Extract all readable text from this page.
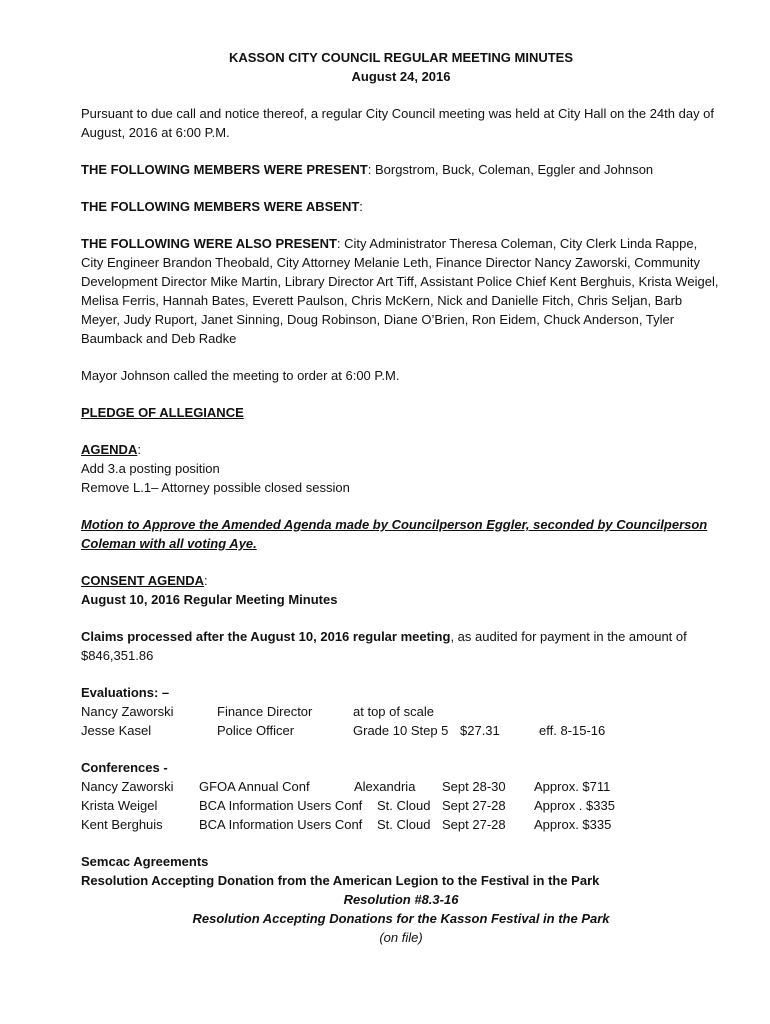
KASSON CITY COUNCIL REGULAR MEETING MINUTES

August 24, 2016

Pursuant to due call and notice thereof, a regular City Council meeting was held at City Hall on the 24th day of August, 2016 at 6:00 P.M.

THE FOLLOWING MEMBERS WERE PRESENT: Borgstrom, Buck, Coleman, Eggler and Johnson

THE FOLLOWING MEMBERS WERE ABSENT:

THE FOLLOWING WERE ALSO PRESENT: City Administrator Theresa Coleman, City Clerk Linda Rappe, City Engineer Brandon Theobald, City Attorney Melanie Leth, Finance Director Nancy Zaworski, Community Development Director Mike Martin, Library Director Art Tiff, Assistant Police Chief Kent Berghuis, Krista Weigel, Melisa Ferris, Hannah Bates, Everett Paulson, Chris McKern, Nick and Danielle Fitch, Chris Seljan, Barb Meyer, Judy Ruport, Janet Sinning, Doug Robinson, Diane O’Brien, Ron Eidem, Chuck Anderson, Tyler Baumback and Deb Radke

Mayor Johnson called the meeting to order at 6:00 P.M.

PLEDGE OF ALLEGIANCE

AGENDA:

Add 3.a posting position

Remove L.1– Attorney possible closed session

Motion to Approve the Amended Agenda made by Councilperson Eggler, seconded by Councilperson Coleman with all voting Aye.

CONSENT AGENDA:

August 10, 2016 Regular Meeting Minutes

Claims processed after the August 10, 2016 regular meeting, as audited for payment in the amount of $846,351.86

Evaluations: –

Nancy Zaworski	Finance Director	at top of scale
Jesse Kasel	Police Officer	Grade 10 Step 5 $27.31	eff. 8-15-16

Conferences -

Nancy Zaworski	GFOA Annual Conf	Alexandria	Sept 28-30	Approx. $711
Krista Weigel	BCA Information Users Conf	St. Cloud Sept 27-28	Approx . $335
Kent Berghuis	BCA Information Users Conf	St. Cloud Sept 27-28	Approx. $335

Semcac Agreements

Resolution Accepting Donation from the American Legion to the Festival in the Park

Resolution #8.3-16

Resolution Accepting Donations for the Kasson Festival in the Park

(on file)
